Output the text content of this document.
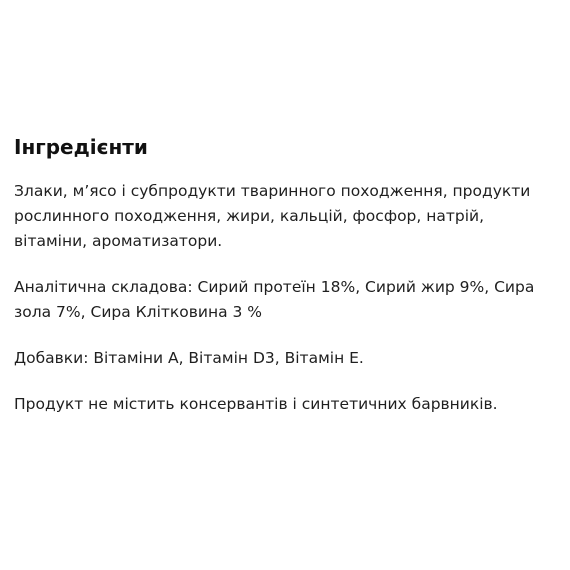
Інгредієнти

Злаки, м’ясо і субпродукти тваринного походження, продукти рослинного походження, жири, кальцій, фосфор, натрій, вітаміни, ароматизатори.

Аналітична складова: Сирий протеїн 18%, Сирий жир 9%, Сира зола 7%, Сира Клітковина 3 %

Добавки: Вітаміни А, Вітамін D3, Вітамін Е.

Продукт не містить консервантів і синтетичних барвників.
